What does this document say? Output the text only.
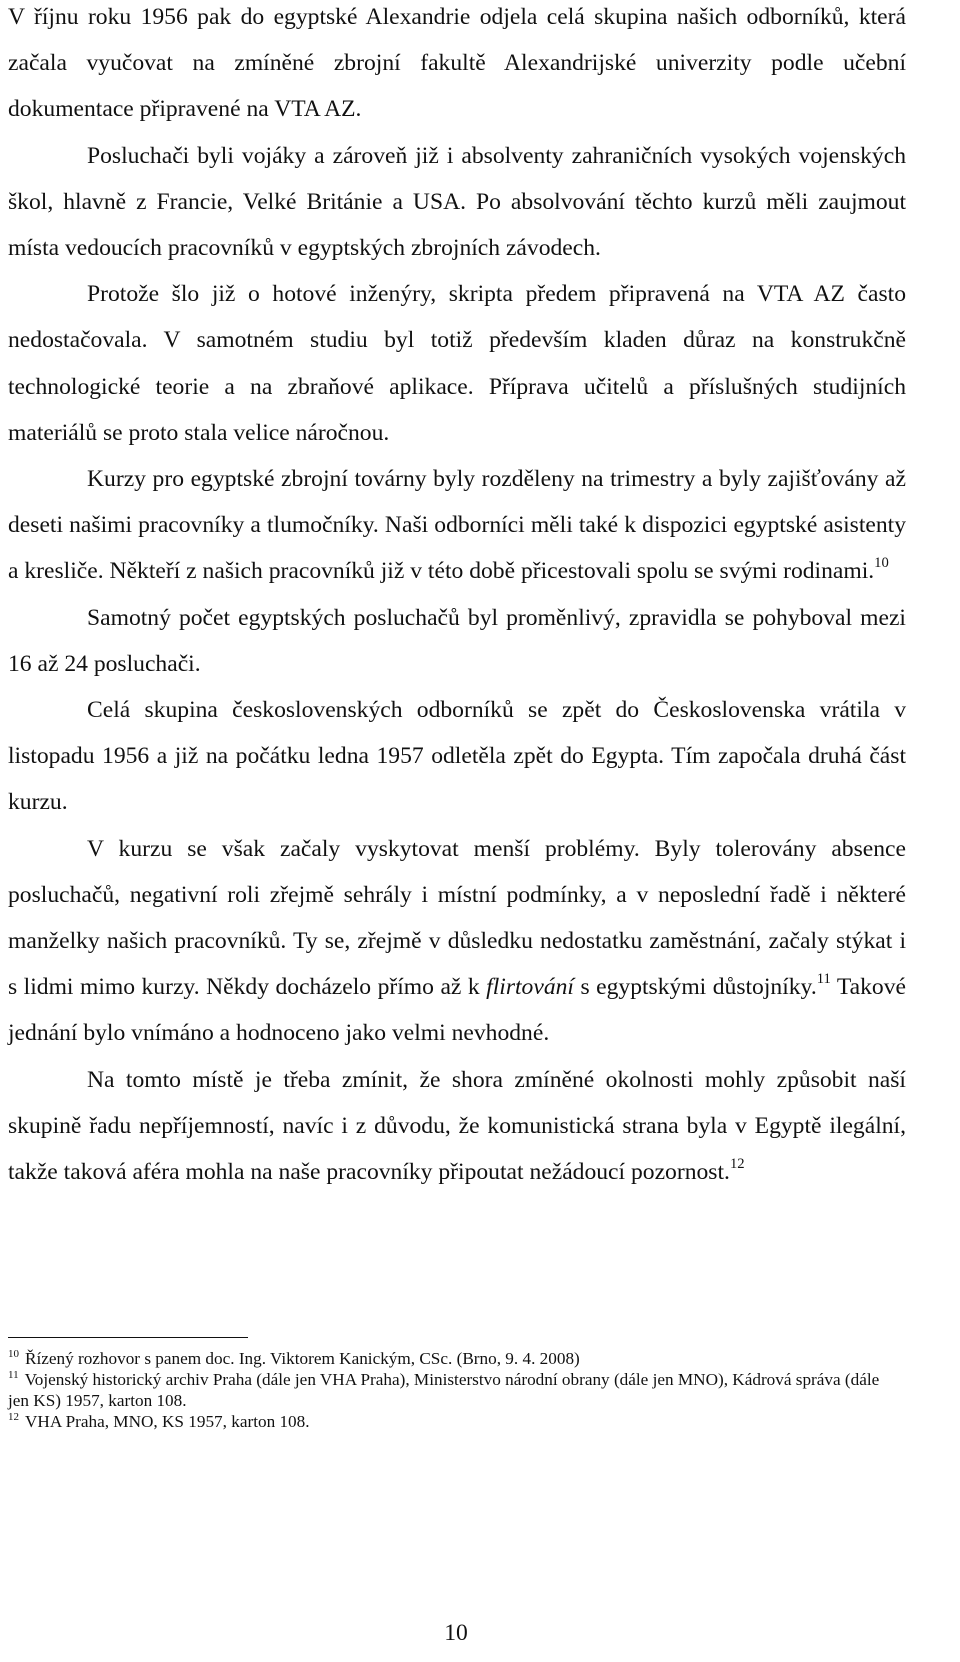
V říjnu roku 1956 pak do egyptské Alexandrie odjela celá skupina našich odborníků, která začala vyučovat na zmíněné zbrojní fakultě Alexandrijské univerzity podle učební dokumentace připravené na VTA AZ.

Posluchači byli vojáky a zároveň již i absolventy zahraničních vysokých vojenských škol, hlavně z Francie, Velké Británie a USA. Po absolvování těchto kurzů měli zaujmout místa vedoucích pracovníků v egyptských zbrojních závodech.

Protože šlo již o hotové inženýry, skripta předem připravená na VTA AZ často nedostačovala. V samotném studiu byl totiž především kladen důraz na konstrukčně technologické teorie a na zbraňové aplikace. Příprava učitelů a příslušných studijních materiálů se proto stala velice náročnou.

Kurzy pro egyptské zbrojní továrny byly rozděleny na trimestry a byly zajišťovány až deseti našimi pracovníky a tlumočníky. Naši odborníci měli také k dispozici egyptské asistenty a kresliče. Někteří z našich pracovníků již v této době přicestovali spolu se svými rodinami.$^{10}$

Samotný počet egyptských posluchačů byl proměnlivý, zpravidla se pohyboval mezi 16 až 24 posluchači.

Celá skupina československých odborníků se zpět do Československa vrátila v listopadu 1956 a již na počátku ledna 1957 odletěla zpět do Egypta. Tím započala druhá část kurzu.

V kurzu se však začaly vyskytovat menší problémy. Byly tolerovány absence posluchačů, negativní roli zřejmě sehrály i místní podmínky, a v neposlední řadě i některé manželky našich pracovníků. Ty se, zřejmě v důsledku nedostatku zaměstnání, začaly stýkat i s lidmi mimo kurzy. Někdy docházelo přímo až k flirtování s egyptskými důstojníky.$^{11}$ Takové jednání bylo vnímáno a hodnoceno jako velmi nevhodné.

Na tomto místě je třeba zmínit, že shora zmíněné okolnosti mohly způsobit naší skupině řadu nepříjemností, navíc i z důvodu, že komunistická strana byla v Egyptě ilegální, takže taková aféra mohla na naše pracovníky připoutat nežádoucí pozornost.$^{12}$

$^{10}$ Řízený rozhovor s panem doc. Ing. Viktorem Kanickým, CSc. (Brno, 9. 4. 2008)

$^{11}$ Vojenský historický archiv Praha (dále jen VHA Praha), Ministerstvo národní obrany (dále jen MNO), Kádrová správa (dále jen KS) 1957, karton 108.

$^{12}$ VHA Praha, MNO, KS 1957, karton 108.

10
